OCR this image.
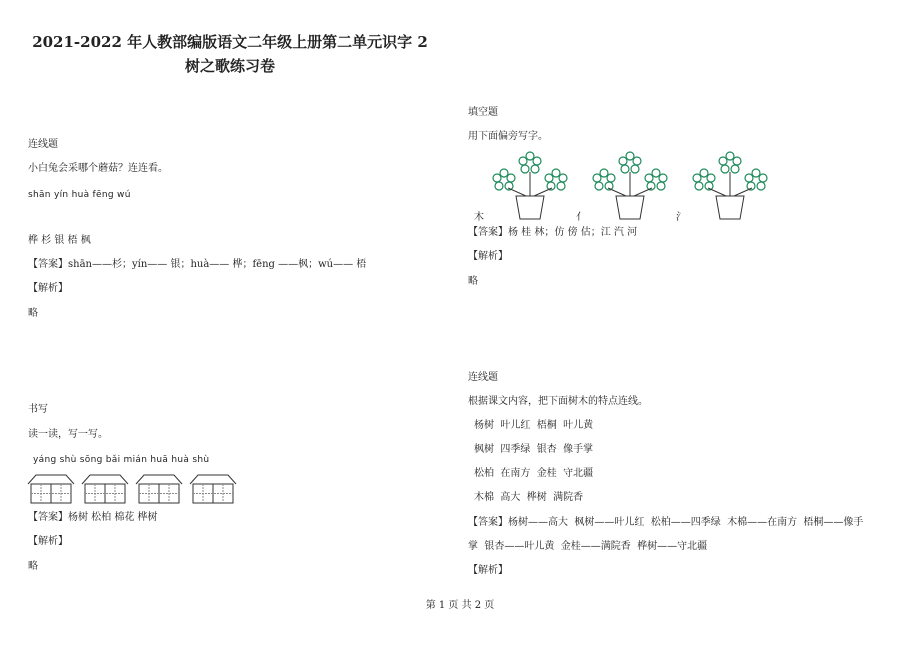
2021-2022 年人教部编版语文二年级上册第二单元识字 2
树之歌练习卷
连线题
小白兔会采哪个蘑菇？连连看。
shān yín huà fēng wú
桦 杉 银 梧 枫
【答案】shān——杉；yín—— 银；huà—— 桦；fēng ——枫；wú—— 梧
【解析】
略
书写
读一读，写一写。
yáng shù sōng bǎi mián huā huà shù
【答案】杨树 松柏 棉花 桦树
【解析】
略
填空题
用下面偏旁写字。
木	亻	氵
【答案】杨 桂 林；仿 傍 估；江 汽 河
【解析】
略
连线题
根据课文内容，把下面树木的特点连线。
杨树  叶儿红  梧桐  叶儿黄
枫树  四季绿  银杏  像手掌
松柏  在南方  金桂  守北疆
木棉  高大  桦树  满院香
【答案】杨树——高大  枫树——叶儿红  松柏——四季绿  木棉——在南方  梧桐——像手
掌  银杏——叶儿黄  金桂——满院香  桦树——守北疆
【解析】
第 1 页 共 2 页
